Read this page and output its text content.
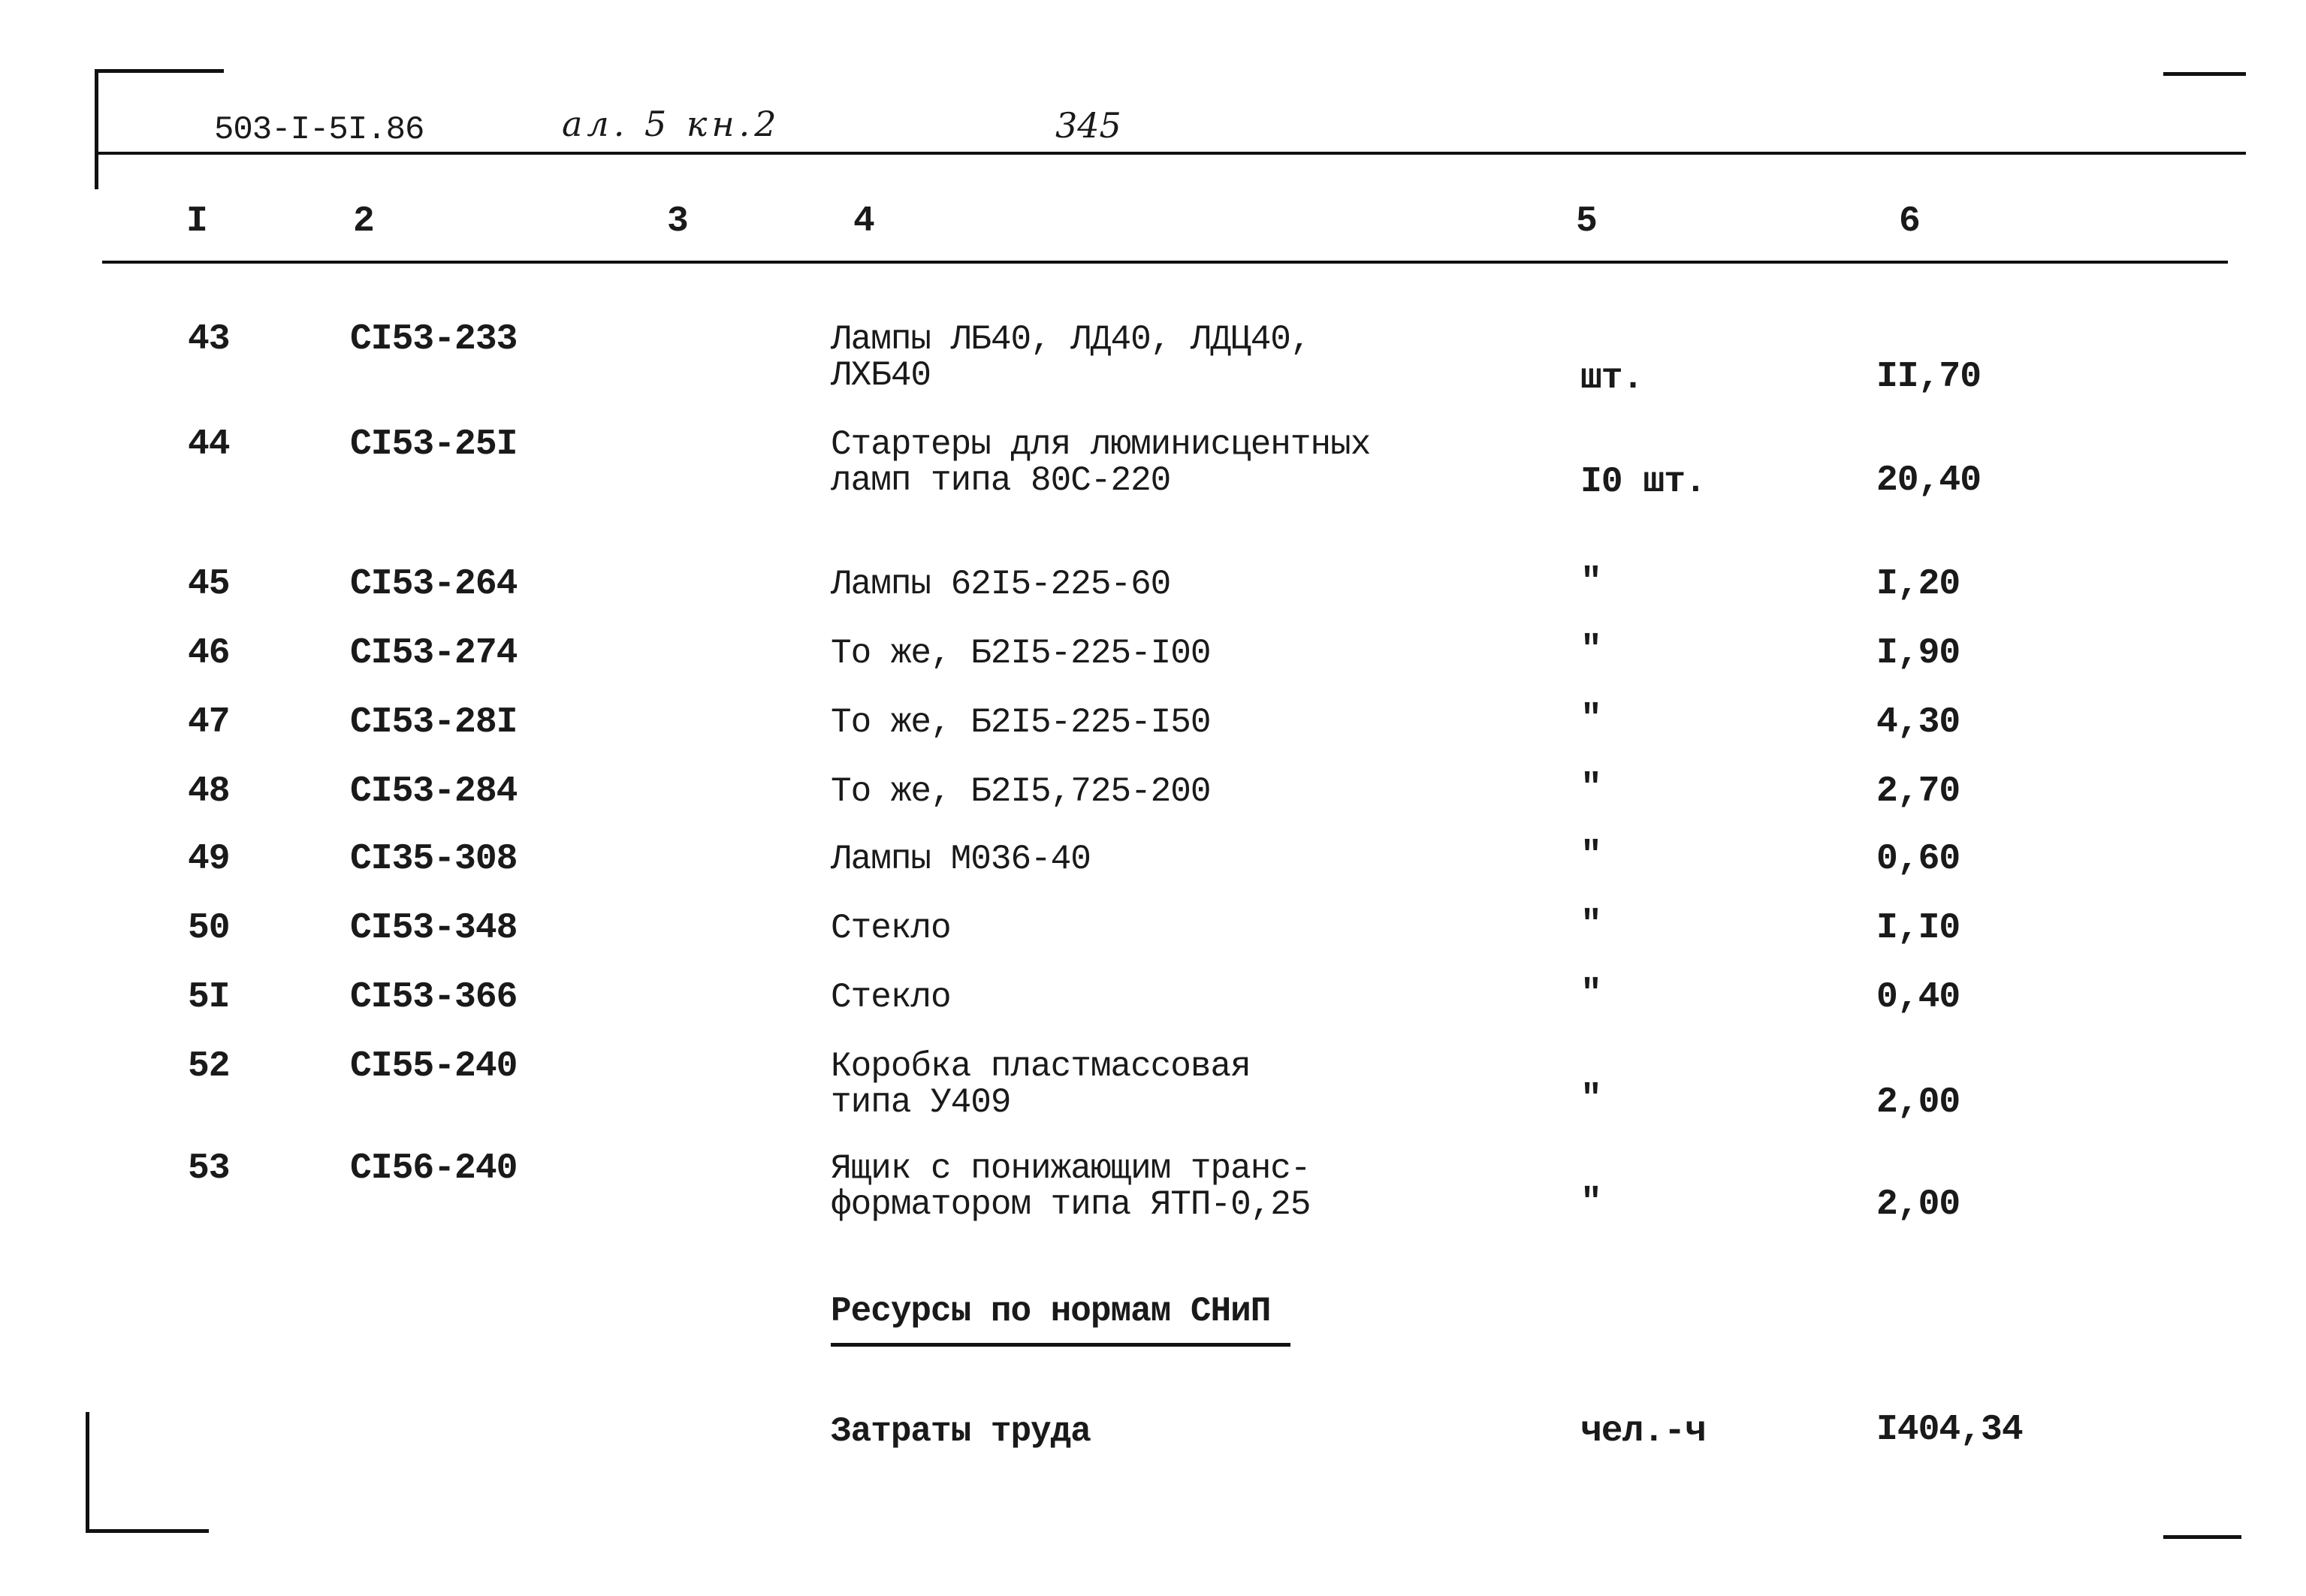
503-I-5I.86	ал. 5 кн.2	345
I	2	3	4	5	6
43	CI53-233	Лампы ЛБ40, ЛД40, ЛДЦ40,
ЛХБ40	шт.	II,70
44	CI53-25I	Стартеры для люминисцентных
ламп типа 80С-220	I0 шт.	20,40
45	CI53-264	Лампы 62I5-225-60	"	I,20
46	CI53-274	То же, Б2I5-225-I00	"	I,90
47	CI53-28I	То же, Б2I5-225-I50	"	4,30
48	CI53-284	То же, Б2I5,725-200	"	2,70
49	CI35-308	Лампы М036-40	"	0,60
50	CI53-348	Стекло	"	I,I0
5I	CI53-366	Стекло	"	0,40
52	CI55-240	Коробка пластмассовая
типа У409	"	2,00
53	CI56-240	Ящик с понижающим транс-
форматором типа ЯТП-0,25	"	2,00
Ресурсы по нормам СНиП
Затраты труда	чел.-ч	I404,34
